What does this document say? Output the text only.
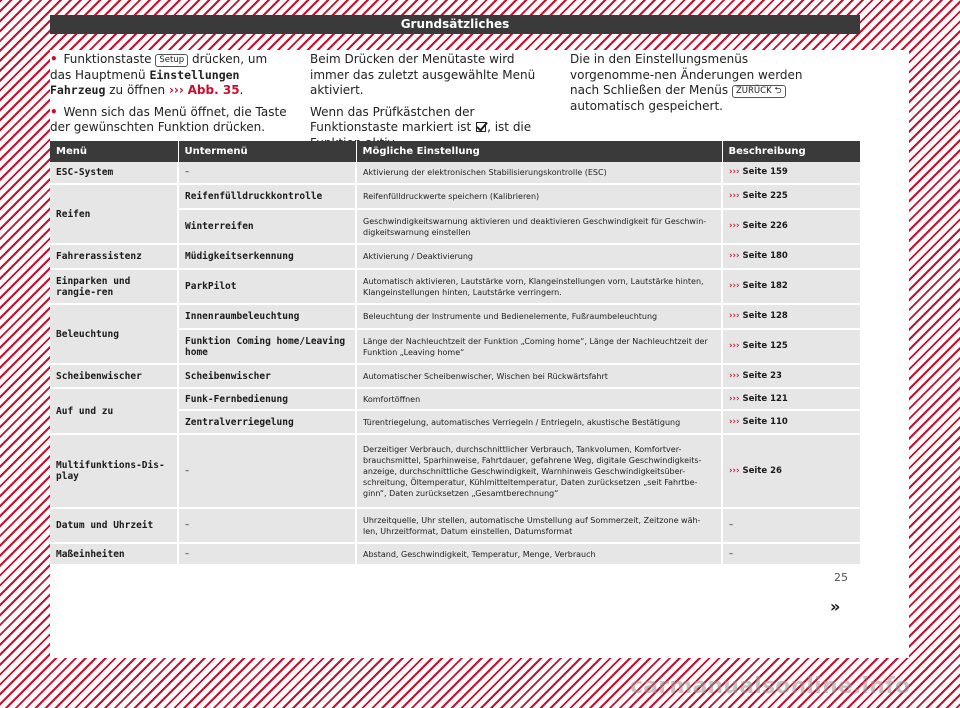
Grundsätzliches

• Funktionstaste Setup drücken, um das Hauptmenü Einstellungen Fahrzeug zu öffnen ››› Abb. 35.

• Wenn sich das Menü öffnet, die Taste der gewünschten Funktion drücken.

Beim Drücken der Menütaste wird immer das zuletzt ausgewählte Menü aktiviert.

Wenn das Prüfkästchen der Funktionstaste markiert ist , ist die

Die in den Einstellungsmenüs vorgenomme-nen Änderungen werden nach Schließen der Menüs ZURÜCK ⮌ automatisch gespeichert.

Menü	Untermenü	Mögliche Einstellung	Beschreibung
ESC-System	–	Aktivierung der elektronischen Stabilisierungskontrolle (ESC)	››› Seite 159
Reifen	Reifenfülldruckkontrolle	Reifenfülldruckwerte speichern (Kalibrieren)	››› Seite 225
	Winterreifen	Geschwindigkeitswarnung aktivieren und deaktivieren Geschwindigkeit für Geschwin-digkeitswarnung einstellen	››› Seite 226
Fahrerassistenz	Müdigkeitserkennung	Aktivierung / Deaktivierung	››› Seite 180
Einparken und rangie-ren	ParkPilot	Automatisch aktivieren, Lautstärke vorn, Klangeinstellungen vorn, Lautstärke hinten, Klangeinstellungen hinten, Lautstärke verringern.	››› Seite 182
Beleuchtung	Innenraumbeleuchtung	Beleuchtung der Instrumente und Bedienelemente, Fußraumbeleuchtung	››› Seite 128
	Funktion Coming home/Leaving home	Länge der Nachleuchtzeit der Funktion „Coming home“, Länge der Nachleuchtzeit der Funktion „Leaving home“	››› Seite 125
Scheibenwischer	Scheibenwischer	Automatischer Scheibenwischer, Wischen bei Rückwärtsfahrt	››› Seite 23
Auf und zu	Funk-Fernbedienung	Komfortöffnen	››› Seite 121
	Zentralverriegelung	Türentriegelung, automatisches Verriegeln / Entriegeln, akustische Bestätigung	››› Seite 110
Multifunktions-Dis-play	–	Derzeitiger Verbrauch, durchschnittlicher Verbrauch, Tankvolumen, Komfortver-brauchsmittel, Sparhinweise, Fahrtdauer, gefahrene Weg, digitale Geschwindigkeits-anzeige, durchschnittliche Geschwindigkeit, Warnhinweis Geschwindigkeitsüber-schreitung, Öltemperatur, Kühlmitteltemperatur, Daten zurücksetzen „seit Fahrtbe-ginn“, Daten zurücksetzen „Gesamtberechnung“	››› Seite 26
Datum und Uhrzeit	–	Uhrzeitquelle, Uhr stellen, automatische Umstellung auf Sommerzeit, Zeitzone wäh-len, Uhrzeitformat, Datum einstellen, Datumsformat	–
Maßeinheiten	–	Abstand, Geschwindigkeit, Temperatur, Menge, Verbrauch	–
»
25
carmanualsonline.info
